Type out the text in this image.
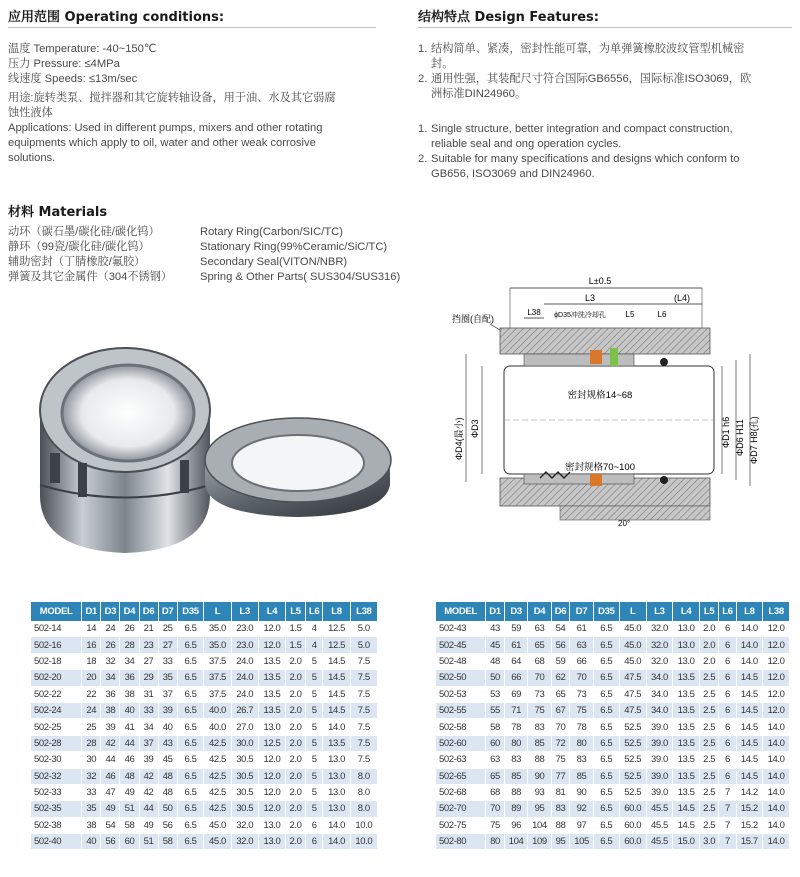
应用范围 Operating conditions:
温度 Temperature: -40~150℃
压力 Pressure: ≤4MPa
线速度 Speeds: ≤13m/sec
用途:旋转类泵、搅拌器和其它旋转轴设备，用于油、水及其它弱腐
蚀性液体
Applications: Used in different pumps, mixers and other rotating
equipments which apply to oil, water and other weak corrosive
solutions.
材料 Materials
动环（碳石墨/碳化硅/碳化钨）	Rotary Ring(Carbon/SIC/TC)
静环（99瓷/碳化硅/碳化钨）	Stationary Ring(99%Ceramic/SiC/TC)
辅助密封（丁腈橡胶/氟胶）	Secondary Seal(VITON/NBR)
弹簧及其它金属件（304不锈钢）	Spring & Other Parts( SUS304/SUS316)
结构特点 Design Features:
1. 结构简单、紧凑，密封性能可靠，为单弹簧橡胶波纹管型机械密
封。
2. 通用性强，其装配尺寸符合国际GB6556，国际标准ISO3069，欧
洲标准DIN24960。
1. Single structure, better integration and compact construction,
reliable seal and ong operation cycles.
2. Suitable for many specifications and designs which conform to
GB656, ISO3069 and DIN24960.
L±0.5
L3	(L4)
L38 ϕD35冲洗冷却孔 L5	L6
挡圈(自配)
密封规格14~68
密封规格70~100
20°
ΦD4(最小) ΦD3	ΦD1 h6 ΦD6 H11 ΦD7 H8(孔)
MODEL	D1	D3	D4	D6	D7	D35	L	L3	L4	L5	L6	L8	L38
502-14	14	24	26	21	25	6.5	35.0	23.0	12.0	1.5	4	12.5	5.0
502-16	16	26	28	23	27	6.5	35.0	23.0	12.0	1.5	4	12.5	5.0
502-18	18	32	34	27	33	6.5	37.5	24.0	13.5	2.0	5	14.5	7.5
502-20	20	34	36	29	35	6.5	37.5	24.0	13.5	2.0	5	14.5	7.5
502-22	22	36	38	31	37	6.5	37.5	24.0	13.5	2.0	5	14.5	7.5
502-24	24	38	40	33	39	6.5	40.0	26.7	13.5	2.0	5	14.5	7.5
502-25	25	39	41	34	40	6.5	40.0	27.0	13.0	2.0	5	14.0	7.5
502-28	28	42	44	37	43	6.5	42.5	30.0	12.5	2.0	5	13.5	7.5
502-30	30	44	46	39	45	6.5	42.5	30.5	12.0	2.0	5	13.0	7.5
502-32	32	46	48	42	48	6.5	42.5	30.5	12.0	2.0	5	13.0	8.0
502-33	33	47	49	42	48	6.5	42.5	30.5	12.0	2.0	5	13.0	8.0
502-35	35	49	51	44	50	6.5	42.5	30.5	12.0	2.0	5	13.0	8.0
502-38	38	54	58	49	56	6.5	45.0	32.0	13.0	2.0	6	14.0	10.0
502-40	40	56	60	51	58	6.5	45.0	32.0	13.0	2.0	6	14.0	10.0
MODEL	D1	D3	D4	D6	D7	D35	L	L3	L4	L5	L6	L8	L38
502-43	43	59	63	54	61	6.5	45.0	32.0	13.0	2.0	6	14.0	12.0
502-45	45	61	65	56	63	6.5	45.0	32.0	13.0	2.0	6	14.0	12.0
502-48	48	64	68	59	66	6.5	45.0	32.0	13.0	2.0	6	14.0	12.0
502-50	50	66	70	62	70	6.5	47.5	34.0	13.5	2.5	6	14.5	12.0
502-53	53	69	73	65	73	6.5	47.5	34.0	13.5	2.5	6	14.5	12.0
502-55	55	71	75	67	75	6.5	47.5	34.0	13.5	2.5	6	14.5	12.0
502-58	58	78	83	70	78	6.5	52.5	39.0	13.5	2.5	6	14.5	14.0
502-60	60	80	85	72	80	6.5	52.5	39.0	13.5	2.5	6	14.5	14.0
502-63	63	83	88	75	83	6.5	52.5	39.0	13.5	2.5	6	14.5	14.0
502-65	65	85	90	77	85	6.5	52.5	39.0	13.5	2.5	6	14.5	14.0
502-68	68	88	93	81	90	6.5	52.5	39.0	13.5	2.5	7	14.2	14.0
502-70	70	89	95	83	92	6.5	60.0	45.5	14.5	2.5	7	15.2	14.0
502-75	75	96	104	88	97	6.5	60.0	45.5	14.5	2.5	7	15.2	14.0
502-80	80	104	109	95	105	6.5	60.0	45.5	15.0	3.0	7	15.7	14.0
